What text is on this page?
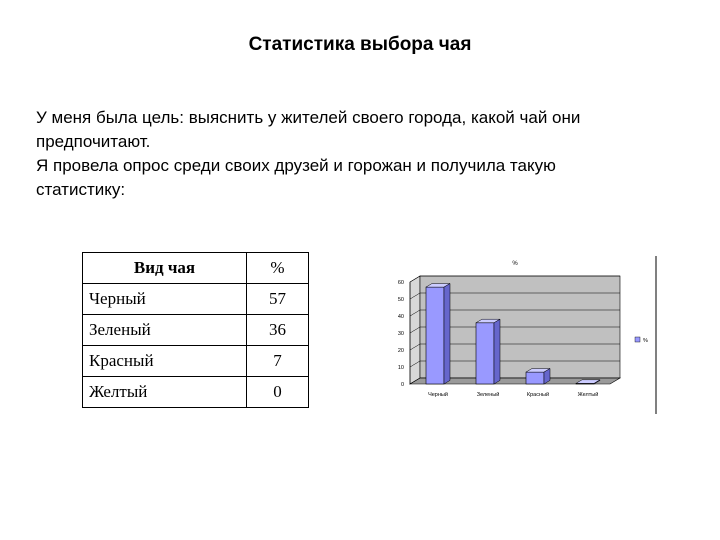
Статистика выбора чая
У меня была цель: выяснить у жителей своего города, какой чай они
предпочитают.
Я провела опрос среди своих друзей и горожан и получила такую
статистику:
Вид чая	%
Черный	57
Зеленый	36
Красный	7
Желтый	0	0
10
20
30
40
50
60
Черный	Зеленый	Красный	Желтый
%
%
